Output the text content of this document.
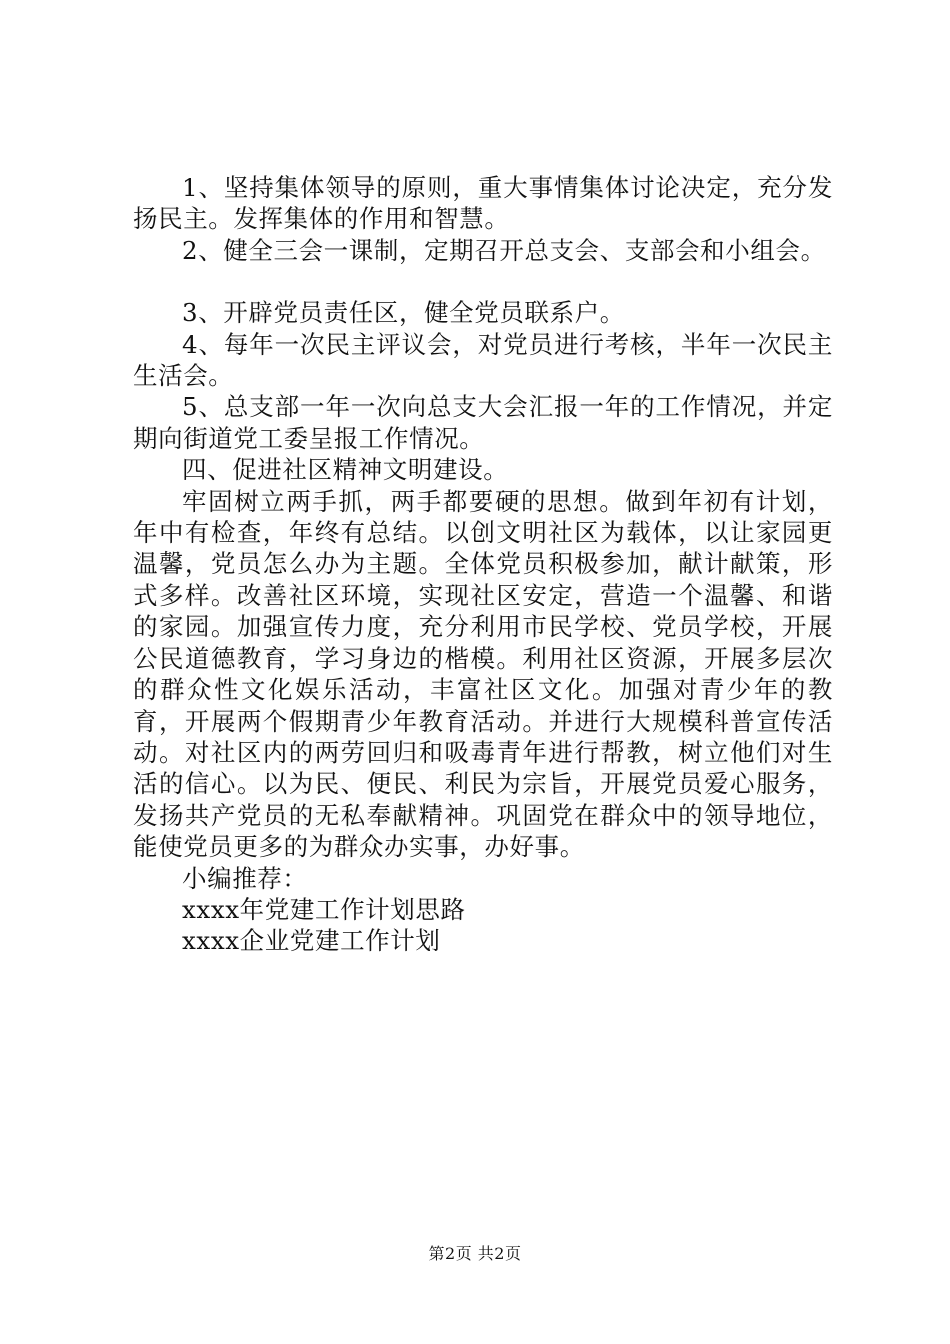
1、坚持集体领导的原则，重大事情集体讨论决定，充分发扬民主。发挥集体的作用和智慧。

2、健全三会一课制，定期召开总支会、支部会和小组会。

3、开辟党员责任区，健全党员联系户。

4、每年一次民主评议会，对党员进行考核，半年一次民主生活会。

5、总支部一年一次向总支大会汇报一年的工作情况，并定期向街道党工委呈报工作情况。

四、促进社区精神文明建设。

牢固树立两手抓，两手都要硬的思想。做到年初有计划，年中有检查，年终有总结。以创文明社区为载体，以让家园更温馨，党员怎么办为主题。全体党员积极参加，献计献策，形式多样。改善社区环境，实现社区安定，营造一个温馨、和谐的家园。加强宣传力度，充分利用市民学校、党员学校，开展公民道德教育，学习身边的楷模。利用社区资源，开展多层次的群众性文化娱乐活动，丰富社区文化。加强对青少年的教育，开展两个假期青少年教育活动。并进行大规模科普宣传活动。对社区内的两劳回归和吸毒青年进行帮教，树立他们对生活的信心。以为民、便民、利民为宗旨，开展党员爱心服务，发扬共产党员的无私奉献精神。巩固党在群众中的领导地位，能使党员更多的为群众办实事，办好事。

小编推荐：

xxxx年党建工作计划思路

xxxx企业党建工作计划

第2页 共2页
